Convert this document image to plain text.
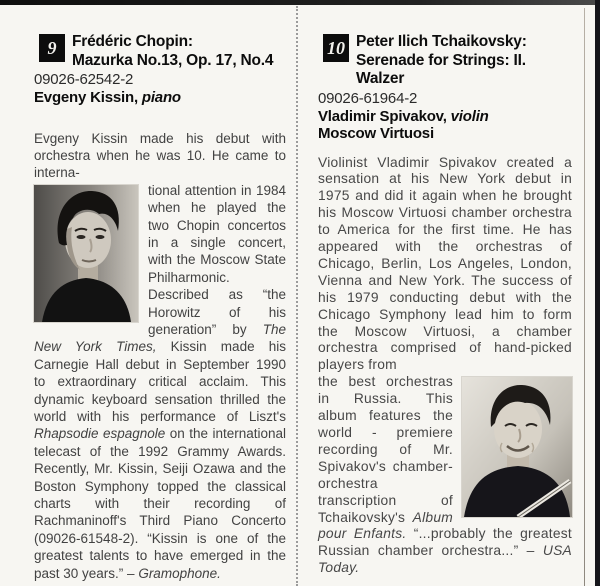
9	Frédéric Chopin:
Mazurka No.13, Op. 17, No.4
09026-62542-2
Evgeny Kissin, piano

Evgeny Kissin made his debut with orchestra when he was 10. He came to interna-

tional attention in 1984 when he played the two Chopin concertos in a single concert, with the Moscow State Philharmonic. Described as “the Horowitz of his generation” by The New York Times, Kissin made his Carnegie Hall debut in September 1990 to extraordinary critical acclaim. This dynamic keyboard sensation thrilled the world with his performance of Liszt's Rhapsodie espagnole on the international telecast of the 1992 Grammy Awards. Recently, Mr. Kissin, Seiji Ozawa and the Boston Symphony topped the classical charts with their recording of Rachmaninoff's Third Piano Concerto (09026-61548-2). “Kissin is one of the greatest talents to have emerged in the past 30 years.” – Gramophone.

10 Peter Ilich Tchaikovsky:
Serenade for Strings: II. Walzer
09026-61964-2
Vladimir Spivakov, violin
Moscow Virtuosi

Violinist Vladimir Spivakov created a sensation at his New York debut in 1975 and did it again when he brought his Moscow Virtuosi chamber orchestra to America for the first time. He has appeared with the orchestras of Chicago, Berlin, Los Angeles, London, Vienna and New York. The success of his 1979 conducting debut with the Chicago Symphony lead him to form the Moscow Virtuosi, a chamber orchestra comprised of hand-picked players from

the best orchestras in Russia. This album features the world - premiere recording of Mr. Spivakov's chamber-orchestra transcription of Tchaikovsky's Album pour Enfants. “...probably the greatest Russian chamber orchestra...” – USA Today.
